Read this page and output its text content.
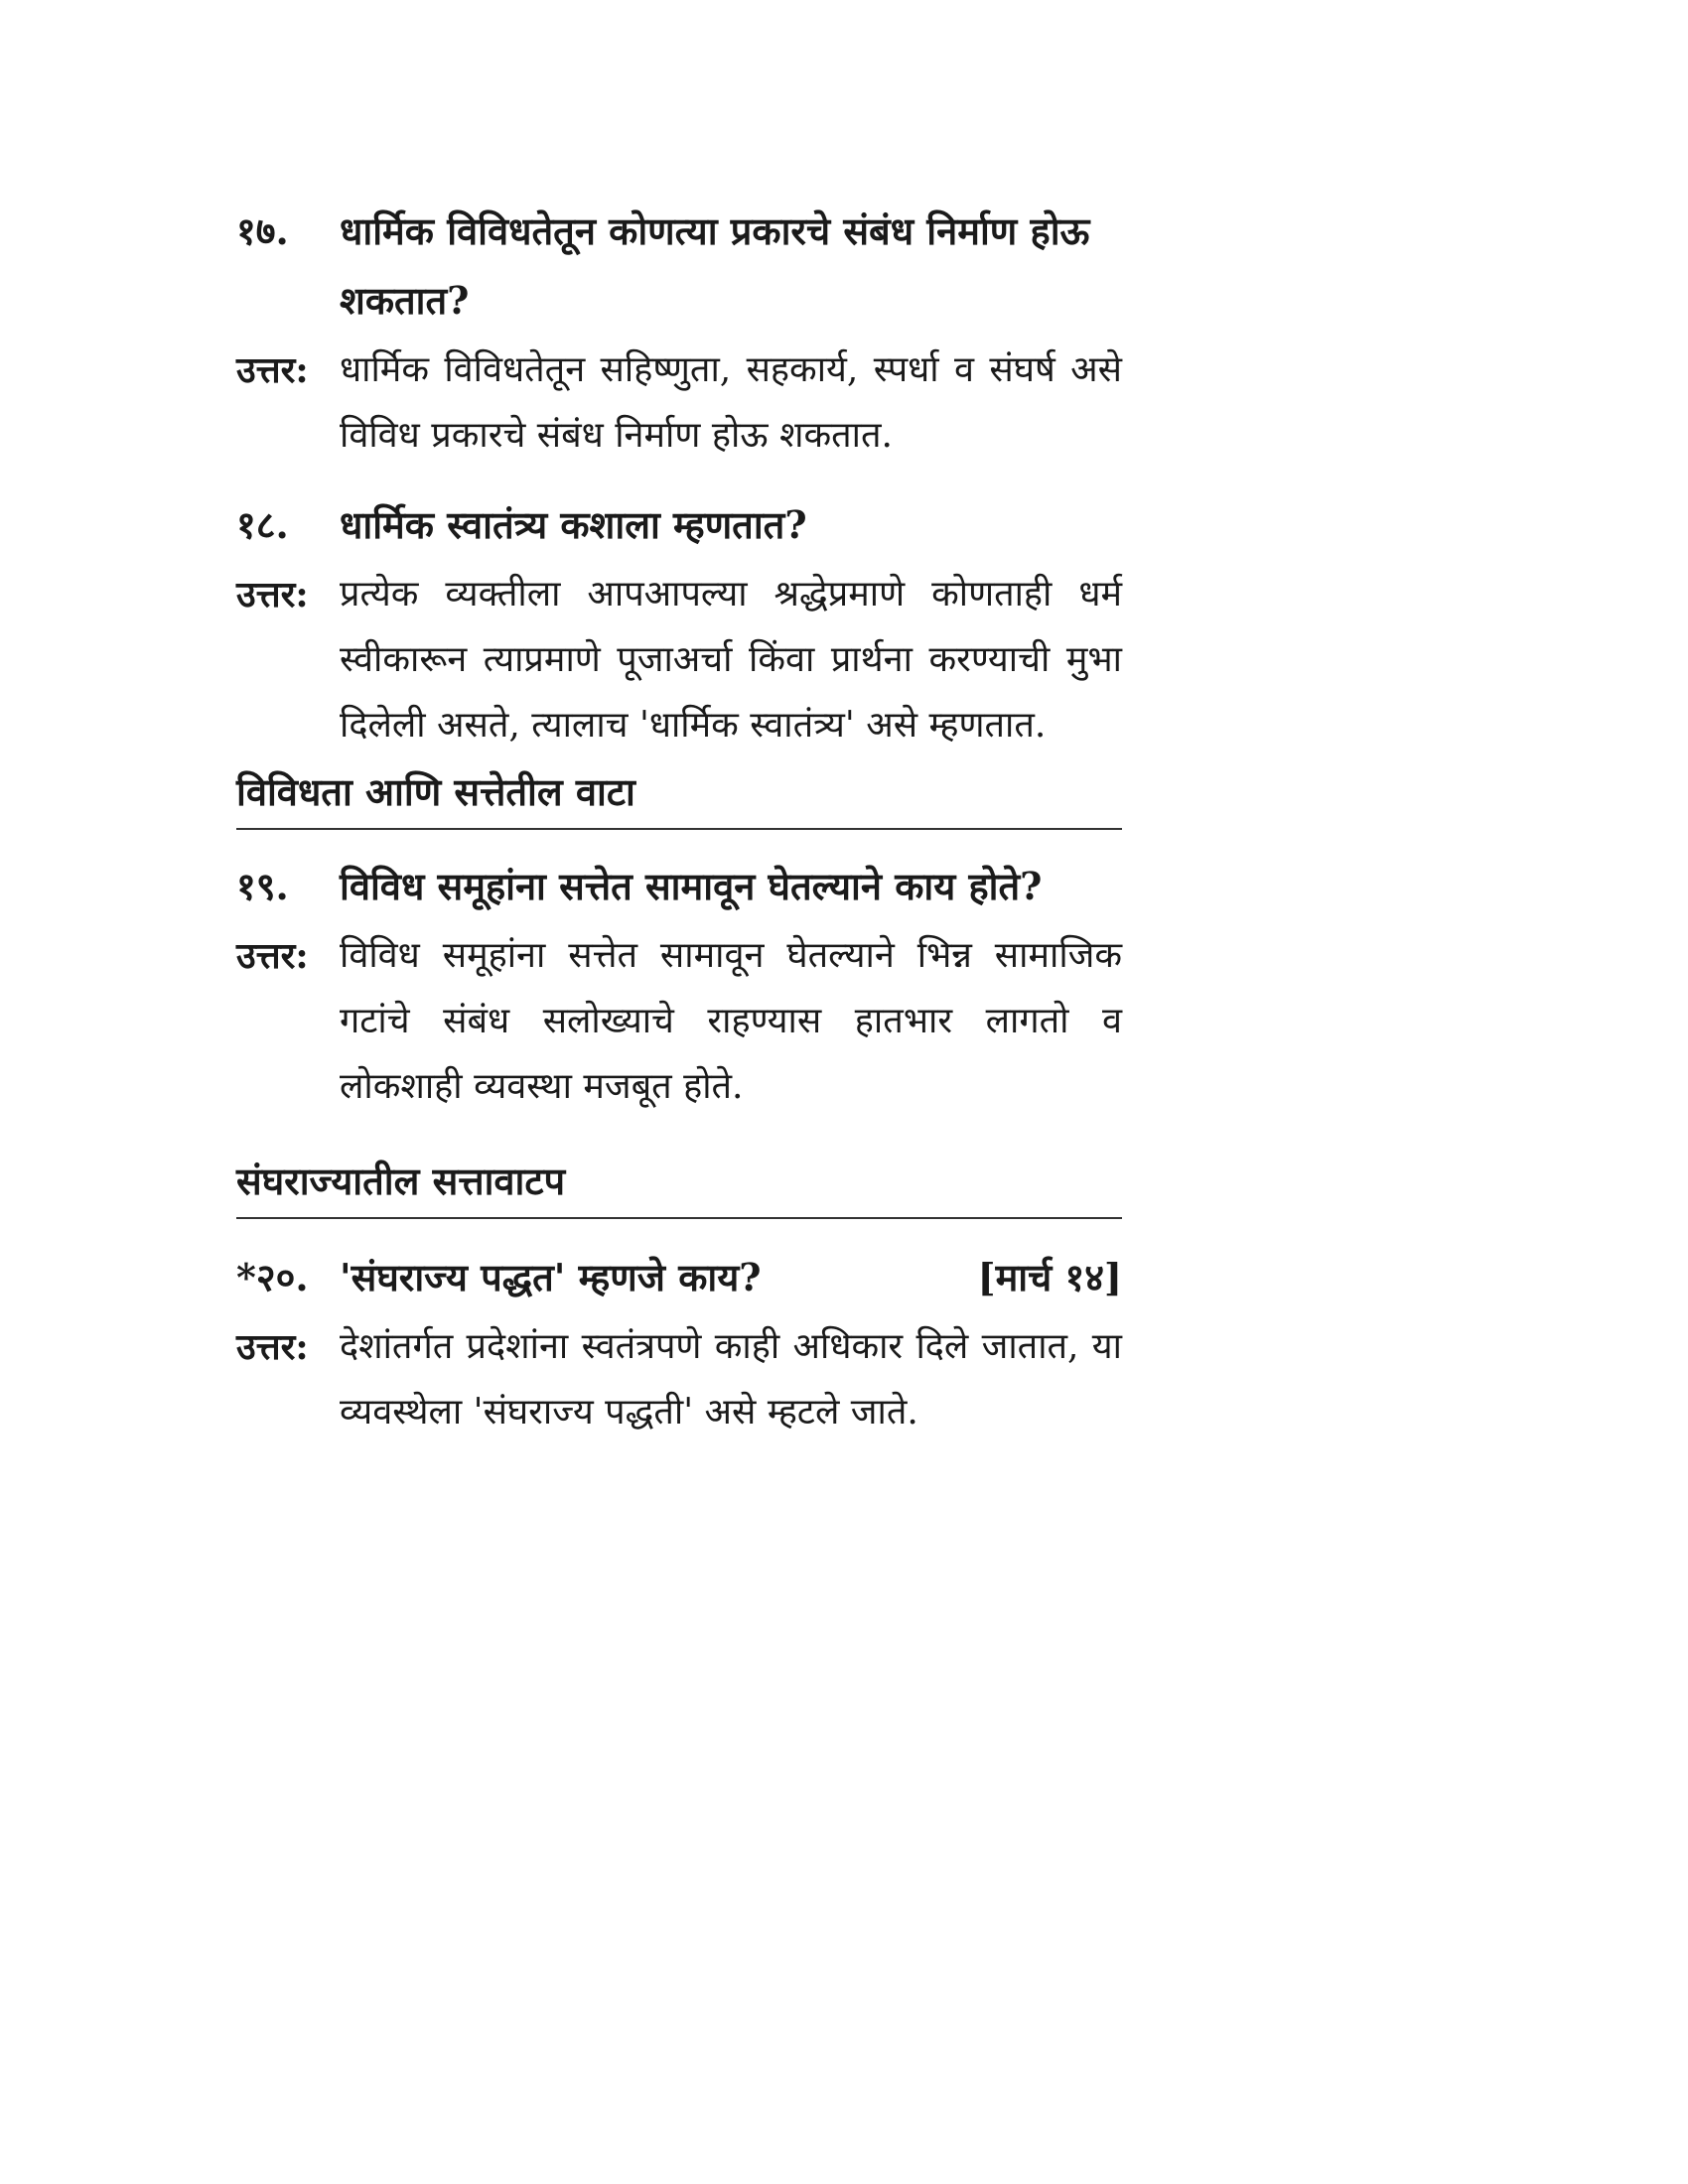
१७.	धार्मिक विविधतेतून कोणत्या प्रकारचे संबंध निर्माण होऊ शकतात?
उत्तर: धार्मिक विविधतेतून सहिष्णुता, सहकार्य, स्पर्धा व संघर्ष असे विविध प्रकारचे संबंध निर्माण होऊ शकतात.
१८.	धार्मिक स्वातंत्र्य कशाला म्हणतात?
उत्तर: प्रत्येक व्यक्तीला आपआपल्या श्रद्धेप्रमाणे कोणताही धर्म स्वीकारून त्याप्रमाणे पूजाअर्चा किंवा प्रार्थना करण्याची मुभा दिलेली असते, त्यालाच 'धार्मिक स्वातंत्र्य' असे म्हणतात.
विविधता आणि सत्तेतील वाटा
१९.	विविध समूहांना सत्तेत सामावून घेतल्याने काय होते?
उत्तर: विविध समूहांना सत्तेत सामावून घेतल्याने भिन्न सामाजिक गटांचे संबंध सलोख्याचे राहण्यास हातभार लागतो व लोकशाही व्यवस्था मजबूत होते.
संघराज्यातील सत्तावाटप
*२०. 'संघराज्य पद्धत' म्हणजे काय?	[मार्च १४]
उत्तर: देशांतर्गत प्रदेशांना स्वतंत्रपणे काही अधिकार दिले जातात, या व्यवस्थेला 'संघराज्य पद्धती' असे म्हटले जाते.
